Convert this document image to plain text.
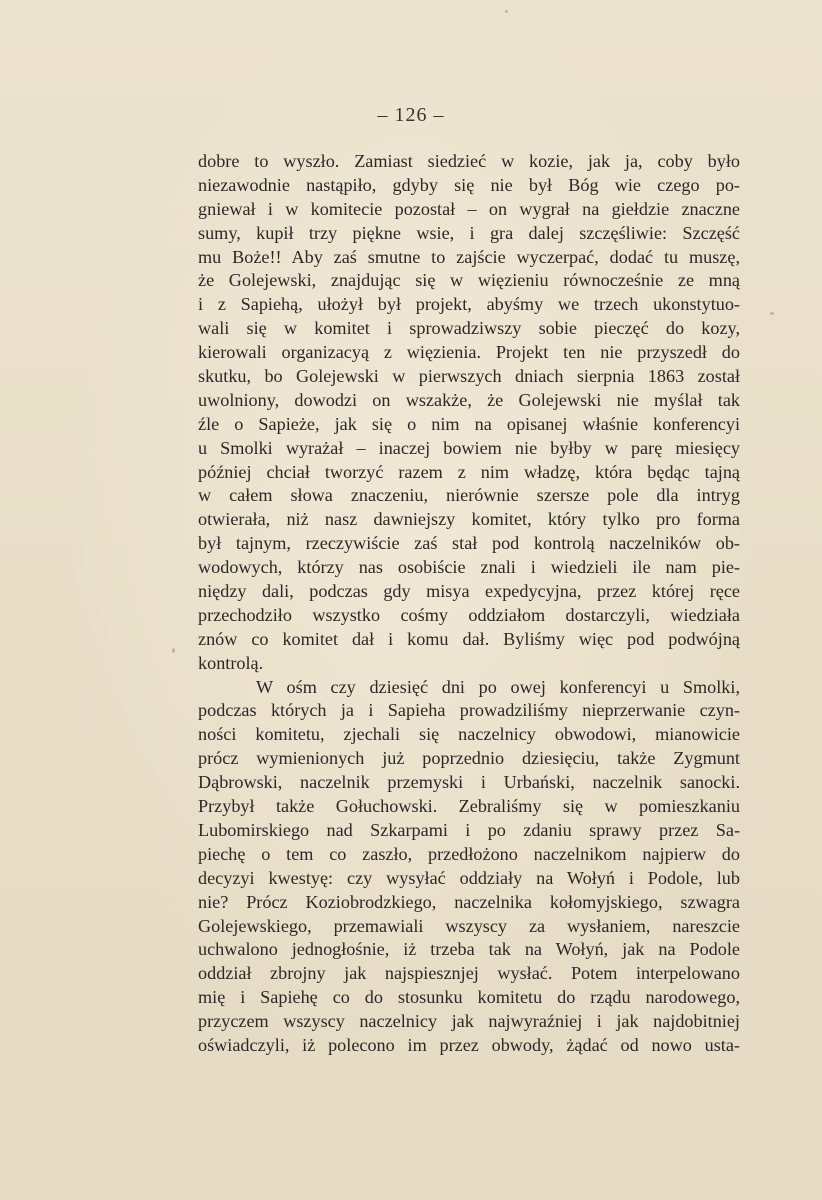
– 126 –
dobre to wyszło. Zamiast siedzieć w kozie, jak ja, coby było
niezawodnie nastąpiło, gdyby się nie był Bóg wie czego po-
gniewał i w komitecie pozostał – on wygrał na giełdzie znaczne
sumy, kupił trzy piękne wsie, i gra dalej szczęśliwie: Szczęść
mu Boże!! Aby zaś smutne to zajście wyczerpać, dodać tu muszę,
że Golejewski, znajdując się w więzieniu równocześnie ze mną
i z Sapiehą, ułożył był projekt, abyśmy we trzech ukonstytuo-
wali się w komitet i sprowadziwszy sobie pieczęć do kozy,
kierowali organizacyą z więzienia. Projekt ten nie przyszedł do
skutku, bo Golejewski w pierwszych dniach sierpnia 1863 został
uwolniony, dowodzi on wszakże, że Golejewski nie myślał tak
źle o Sapieże, jak się o nim na opisanej właśnie konferencyi
u Smolki wyrażał – inaczej bowiem nie byłby w parę miesięcy
później chciał tworzyć razem z nim władzę, która będąc tajną
w całem słowa znaczeniu, nierównie szersze pole dla intryg
otwierała, niż nasz dawniejszy komitet, który tylko pro forma
był tajnym, rzeczywiście zaś stał pod kontrolą naczelników ob-
wodowych, którzy nas osobiście znali i wiedzieli ile nam pie-
niędzy dali, podczas gdy misya expedycyjna, przez której ręce
przechodziło wszystko cośmy oddziałom dostarczyli, wiedziała
znów co komitet dał i komu dał. Byliśmy więc pod podwójną
kontrolą.
W ośm czy dziesięć dni po owej konferencyi u Smolki,
podczas których ja i Sapieha prowadziliśmy nieprzerwanie czyn-
ności komitetu, zjechali się naczelnicy obwodowi, mianowicie
prócz wymienionych już poprzednio dziesięciu, także Zygmunt
Dąbrowski, naczelnik przemyski i Urbański, naczelnik sanocki.
Przybył także Gołuchowski. Zebraliśmy się w pomieszkaniu
Lubomirskiego nad Szkarpami i po zdaniu sprawy przez Sa-
piechę o tem co zaszło, przedłożono naczelnikom najpierw do
decyzyi kwestyę: czy wysyłać oddziały na Wołyń i Podole, lub
nie? Prócz Koziobrodzkiego, naczelnika kołomyjskiego, szwagra
Golejewskiego, przemawiali wszyscy za wysłaniem, nareszcie
uchwalono jednogłośnie, iż trzeba tak na Wołyń, jak na Podole
oddział zbrojny jak najspiesznjej wysłać. Potem interpelowano
mię i Sapiehę co do stosunku komitetu do rządu narodowego,
przyczem wszyscy naczelnicy jak najwyraźniej i jak najdobitniej
oświadczyli, iż polecono im przez obwody, żądać od nowo usta-
